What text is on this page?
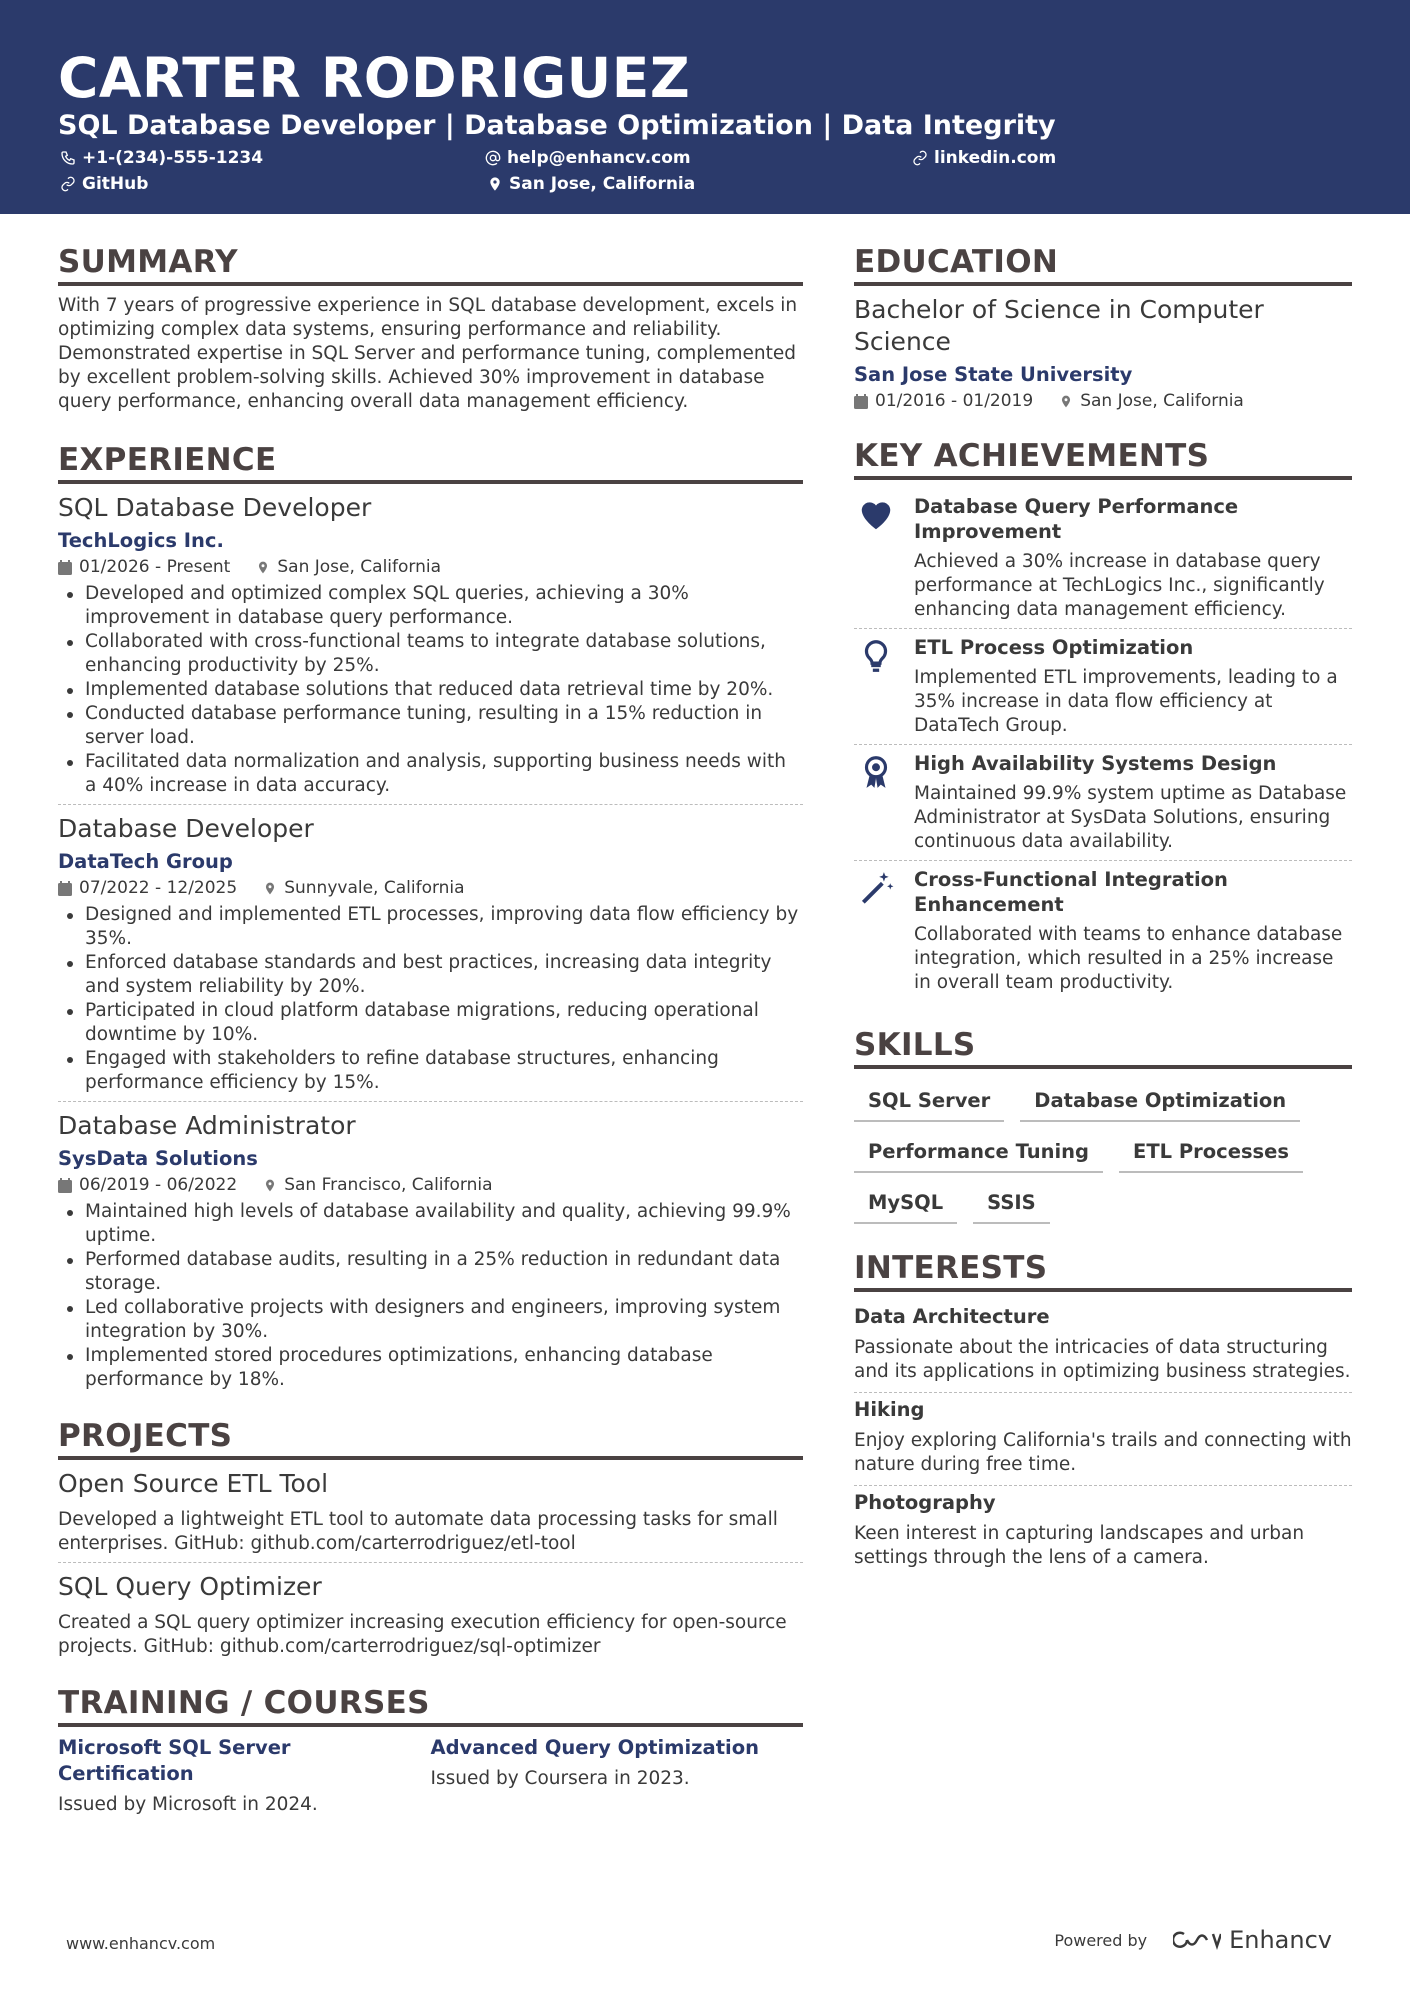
CARTER RODRIGUEZ
SQL Database Developer | Database Optimization | Data Integrity
+1-(234)-555-1234	help@enhancv.com	linkedin.com
GitHub	San Jose, California
SUMMARY
With 7 years of progressive experience in SQL database development, excels in optimizing complex data systems, ensuring performance and reliability. Demonstrated expertise in SQL Server and performance tuning, complemented by excellent problem-solving skills. Achieved 30% improvement in database query performance, enhancing overall data management efficiency.
EXPERIENCE
SQL Database Developer
TechLogics Inc.
01/2026 - Present	San Jose, California
Developed and optimized complex SQL queries, achieving a 30% improvement in database query performance.
Collaborated with cross-functional teams to integrate database solutions, enhancing productivity by 25%.
Implemented database solutions that reduced data retrieval time by 20%.
Conducted database performance tuning, resulting in a 15% reduction in server load.
Facilitated data normalization and analysis, supporting business needs with a 40% increase in data accuracy.
Database Developer
DataTech Group
07/2022 - 12/2025	Sunnyvale, California
Designed and implemented ETL processes, improving data flow efficiency by 35%.
Enforced database standards and best practices, increasing data integrity and system reliability by 20%.
Participated in cloud platform database migrations, reducing operational downtime by 10%.
Engaged with stakeholders to refine database structures, enhancing performance efficiency by 15%.
Database Administrator
SysData Solutions
06/2019 - 06/2022	San Francisco, California
Maintained high levels of database availability and quality, achieving 99.9% uptime.
Performed database audits, resulting in a 25% reduction in redundant data storage.
Led collaborative projects with designers and engineers, improving system integration by 30%.
Implemented stored procedures optimizations, enhancing database performance by 18%.
PROJECTS
Open Source ETL Tool
Developed a lightweight ETL tool to automate data processing tasks for small enterprises. GitHub: github.com/carterrodriguez/etl-tool
SQL Query Optimizer
Created a SQL query optimizer increasing execution efficiency for open-source projects. GitHub: github.com/carterrodriguez/sql-optimizer
TRAINING / COURSES
Microsoft SQL Server Certification
Issued by Microsoft in 2024.
Advanced Query Optimization
Issued by Coursera in 2023.
EDUCATION
Bachelor of Science in Computer Science
San Jose State University
01/2016 - 01/2019	San Jose, California
KEY ACHIEVEMENTS
Database Query Performance Improvement
Achieved a 30% increase in database query performance at TechLogics Inc., significantly enhancing data management efficiency.
ETL Process Optimization
Implemented ETL improvements, leading to a 35% increase in data flow efficiency at DataTech Group.
High Availability Systems Design
Maintained 99.9% system uptime as Database Administrator at SysData Solutions, ensuring continuous data availability.
Cross-Functional Integration Enhancement
Collaborated with teams to enhance database integration, which resulted in a 25% increase in overall team productivity.
SKILLS
SQL Server	Database Optimization
Performance Tuning	ETL Processes
MySQL	SSIS
INTERESTS
Data Architecture
Passionate about the intricacies of data structuring and its applications in optimizing business strategies.
Hiking
Enjoy exploring California's trails and connecting with nature during free time.
Photography
Keen interest in capturing landscapes and urban settings through the lens of a camera.
www.enhancv.com	Powered by	Enhancv
